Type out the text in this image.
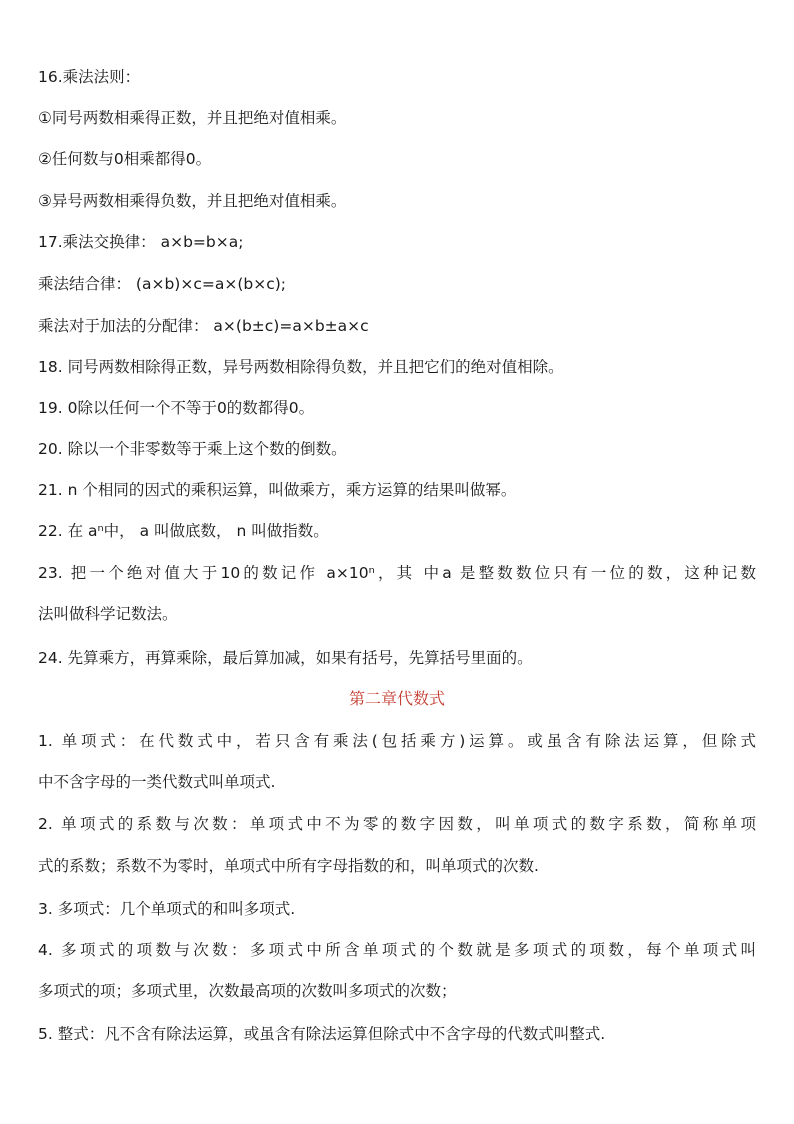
16.乘法法则：
①同号两数相乘得正数，并且把绝对值相乘。
②任何数与0相乘都得0。
③异号两数相乘得负数，并且把绝对值相乘。
17.乘法交换律： a×b=b×a;
乘法结合律： (a×b)×c=a×(b×c);
乘法对于加法的分配律： a×(b±c)=a×b±a×c
18. 同号两数相除得正数，异号两数相除得负数，并且把它们的绝对值相除。
19. 0除以任何一个不等于0的数都得0。
20. 除以一个非零数等于乘上这个数的倒数。
21. n 个相同的因式的乘积运算，叫做乘方，乘方运算的结果叫做幂。
22. 在 aⁿ中， a 叫做底数， n 叫做指数。
23. 把一个绝对值大于10的数记作 a×10ⁿ，其 中a 是整数数位只有一位的数，这种记数
法叫做科学记数法。
24. 先算乘方，再算乘除，最后算加减，如果有括号，先算括号里面的。
第二章代数式
1. 单项式：在代数式中，若只含有乘法(包括乘方)运算。或虽含有除法运算，但除式
中不含字母的一类代数式叫单项式.
2. 单项式的系数与次数：单项式中不为零的数字因数，叫单项式的数字系数，简称单项
式的系数；系数不为零时，单项式中所有字母指数的和，叫单项式的次数.
3. 多项式：几个单项式的和叫多项式.
4. 多项式的项数与次数：多项式中所含单项式的个数就是多项式的项数，每个单项式叫
多项式的项；多项式里，次数最高项的次数叫多项式的次数；
5. 整式：凡不含有除法运算，或虽含有除法运算但除式中不含字母的代数式叫整式.
